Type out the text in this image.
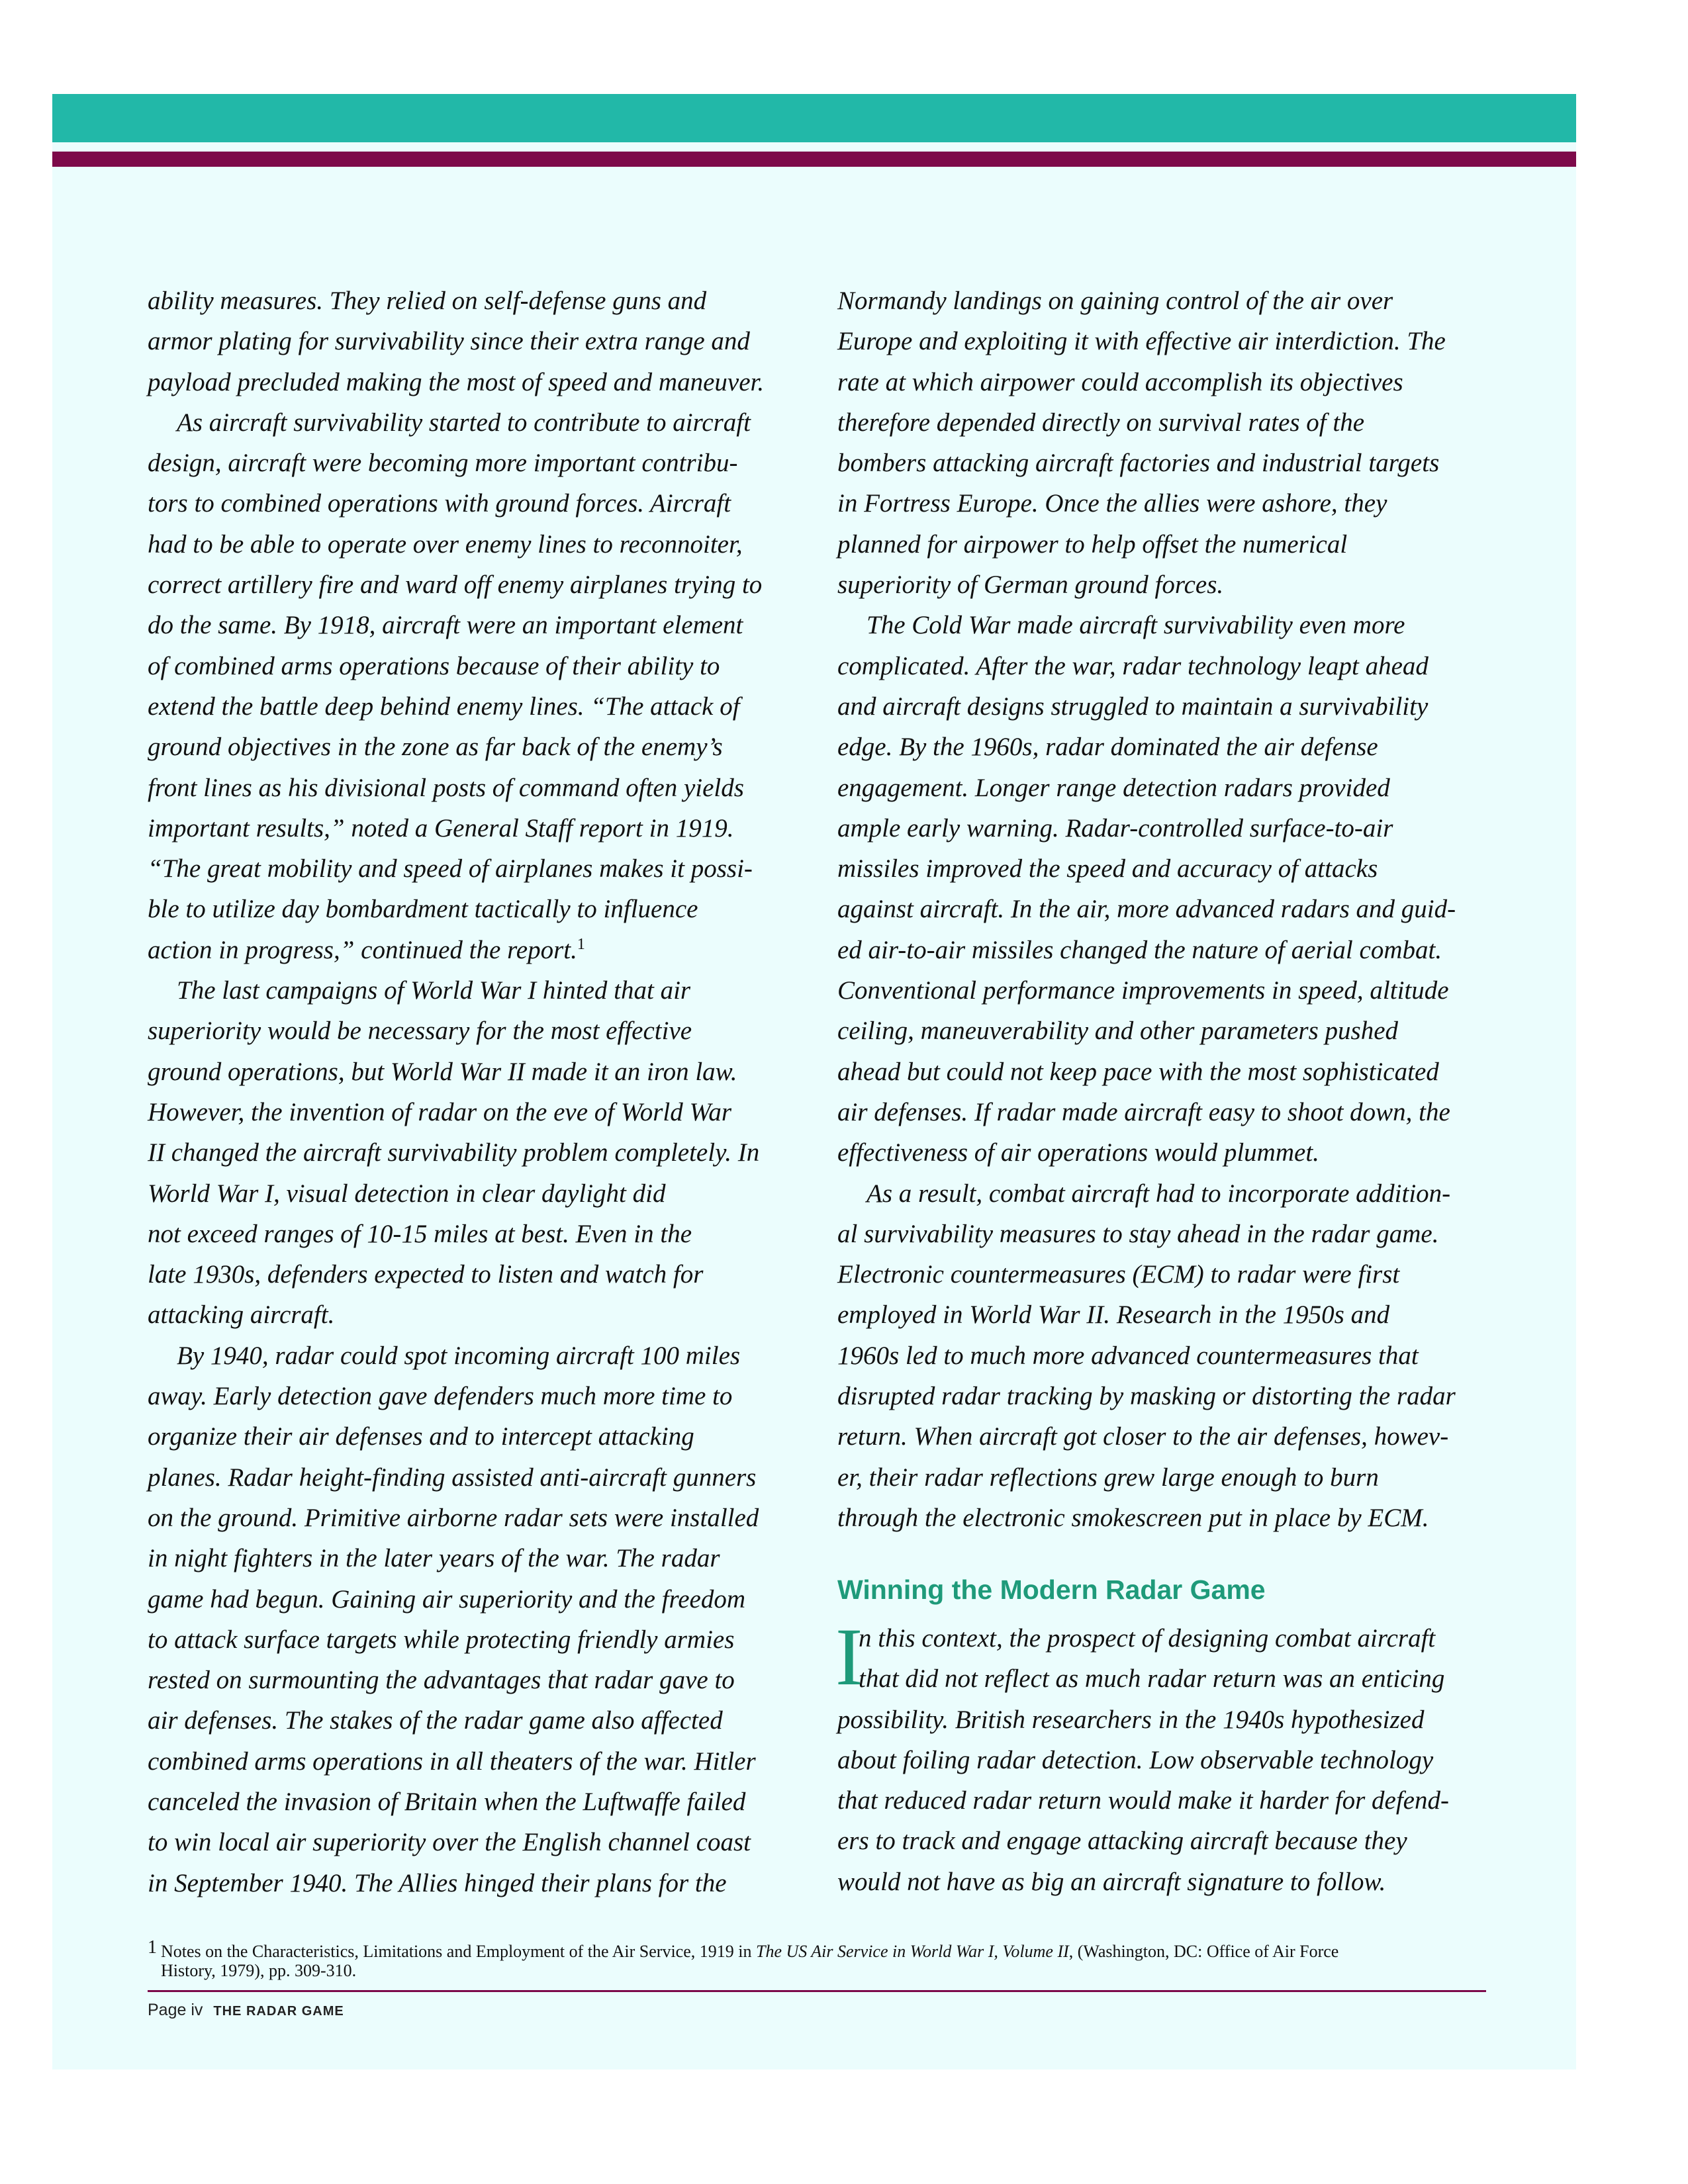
ability measures. They relied on self-defense guns and
armor plating for survivability since their extra range and
payload precluded making the most of speed and maneuver.
As aircraft survivability started to contribute to aircraft
design, aircraft were becoming more important contribu-
tors to combined operations with ground forces. Aircraft
had to be able to operate over enemy lines to reconnoiter,
correct artillery fire and ward off enemy airplanes trying to
do the same. By 1918, aircraft were an important element
of combined arms operations because of their ability to
extend the battle deep behind enemy lines. “The attack of
ground objectives in the zone as far back of the enemy’s
front lines as his divisional posts of command often yields
important results,” noted a General Staff report in 1919.
“The great mobility and speed of airplanes makes it possi-
ble to utilize day bombardment tactically to influence
action in progress,” continued the report.$^1$
The last campaigns of World War I hinted that air
superiority would be necessary for the most effective
ground operations, but World War II made it an iron law.
However, the invention of radar on the eve of World War
II changed the aircraft survivability problem completely. In
World War I, visual detection in clear daylight did
not exceed ranges of 10-15 miles at best. Even in the
late 1930s, defenders expected to listen and watch for
attacking aircraft.
By 1940, radar could spot incoming aircraft 100 miles
away. Early detection gave defenders much more time to
organize their air defenses and to intercept attacking
planes. Radar height-finding assisted anti-aircraft gunners
on the ground. Primitive airborne radar sets were installed
in night fighters in the later years of the war. The radar
game had begun. Gaining air superiority and the freedom
to attack surface targets while protecting friendly armies
rested on surmounting the advantages that radar gave to
air defenses. The stakes of the radar game also affected
combined arms operations in all theaters of the war. Hitler
canceled the invasion of Britain when the Luftwaffe failed
to win local air superiority over the English channel coast
in September 1940. The Allies hinged their plans for the
Normandy landings on gaining control of the air over
Europe and exploiting it with effective air interdiction. The
rate at which airpower could accomplish its objectives
therefore depended directly on survival rates of the
bombers attacking aircraft factories and industrial targets
in Fortress Europe. Once the allies were ashore, they
planned for airpower to help offset the numerical
superiority of German ground forces.
The Cold War made aircraft survivability even more
complicated. After the war, radar technology leapt ahead
and aircraft designs struggled to maintain a survivability
edge. By the 1960s, radar dominated the air defense
engagement. Longer range detection radars provided
ample early warning. Radar-controlled surface-to-air
missiles improved the speed and accuracy of attacks
against aircraft. In the air, more advanced radars and guid-
ed air-to-air missiles changed the nature of aerial combat.
Conventional performance improvements in speed, altitude
ceiling, maneuverability and other parameters pushed
ahead but could not keep pace with the most sophisticated
air defenses. If radar made aircraft easy to shoot down, the
effectiveness of air operations would plummet.
As a result, combat aircraft had to incorporate addition-
al survivability measures to stay ahead in the radar game.
Electronic countermeasures (ECM) to radar were first
employed in World War II. Research in the 1950s and
1960s led to much more advanced countermeasures that
disrupted radar tracking by masking or distorting the radar
return. When aircraft got closer to the air defenses, howev-
er, their radar reflections grew large enough to burn
through the electronic smokescreen put in place by ECM.
Winning the Modern Radar Game
I
n this context, the prospect of designing combat aircraft
that did not reflect as much radar return was an enticing
possibility. British researchers in the 1940s hypothesized
about foiling radar detection. Low observable technology
that reduced radar return would make it harder for defend-
ers to track and engage attacking aircraft because they
would not have as big an aircraft signature to follow.
1 Notes on the Characteristics, Limitations and Employment of the Air Service, 1919 in The US Air Service in World War I, Volume II, (Washington, DC: Office of Air Force
History, 1979), pp. 309-310.
Page iv THE RADAR GAME
